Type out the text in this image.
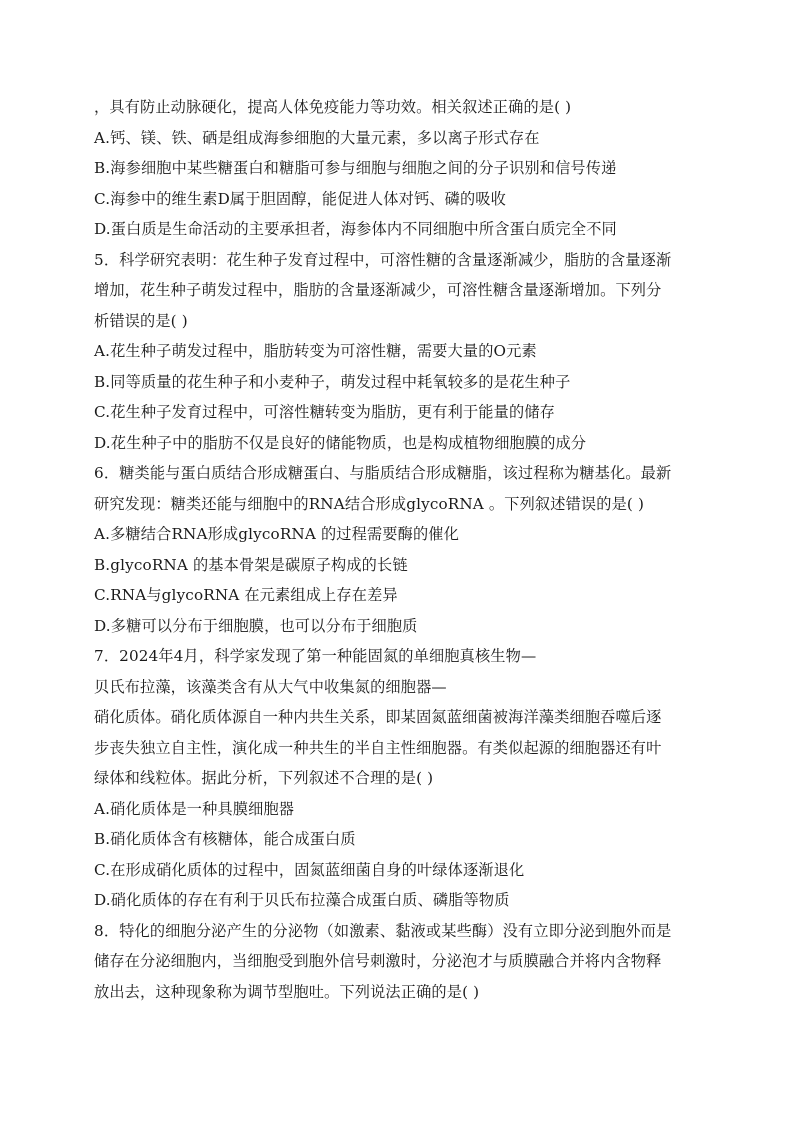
，具有防止动脉硬化，提高人体免疫能力等功效。相关叙述正确的是( )
A.钙、镁、铁、硒是组成海参细胞的大量元素，多以离子形式存在
B.海参细胞中某些糖蛋白和糖脂可参与细胞与细胞之间的分子识别和信号传递
C.海参中的维生素D属于胆固醇，能促进人体对钙、磷的吸收
D.蛋白质是生命活动的主要承担者，海参体内不同细胞中所含蛋白质完全不同
5．科学研究表明：花生种子发育过程中，可溶性糖的含量逐渐减少，脂肪的含量逐渐
增加，花生种子萌发过程中，脂肪的含量逐渐减少，可溶性糖含量逐渐增加。下列分
析错误的是( )
A.花生种子萌发过程中，脂肪转变为可溶性糖，需要大量的O元素
B.同等质量的花生种子和小麦种子，萌发过程中耗氧较多的是花生种子
C.花生种子发育过程中，可溶性糖转变为脂肪，更有利于能量的储存
D.花生种子中的脂肪不仅是良好的储能物质，也是构成植物细胞膜的成分
6．糖类能与蛋白质结合形成糖蛋白、与脂质结合形成糖脂，该过程称为糖基化。最新
研究发现：糖类还能与细胞中的RNA结合形成glycoRNA 。下列叙述错误的是( )
A.多糖结合RNA形成glycoRNA 的过程需要酶的催化
B.glycoRNA 的基本骨架是碳原子构成的长链
C.RNA与glycoRNA 在元素组成上存在差异
D.多糖可以分布于细胞膜，也可以分布于细胞质
7．2024年4月，科学家发现了第一种能固氮的单细胞真核生物—
贝氏布拉藻，该藻类含有从大气中收集氮的细胞器—
硝化质体。硝化质体源自一种内共生关系，即某固氮蓝细菌被海洋藻类细胞吞噬后逐
步丧失独立自主性，演化成一种共生的半自主性细胞器。有类似起源的细胞器还有叶
绿体和线粒体。据此分析，下列叙述不合理的是( )
A.硝化质体是一种具膜细胞器
B.硝化质体含有核糖体，能合成蛋白质
C.在形成硝化质体的过程中，固氮蓝细菌自身的叶绿体逐渐退化
D.硝化质体的存在有利于贝氏布拉藻合成蛋白质、磷脂等物质
8．特化的细胞分泌产生的分泌物（如激素、黏液或某些酶）没有立即分泌到胞外而是
储存在分泌细胞内，当细胞受到胞外信号刺激时，分泌泡才与质膜融合并将内含物释
放出去，这种现象称为调节型胞吐。下列说法正确的是( )
